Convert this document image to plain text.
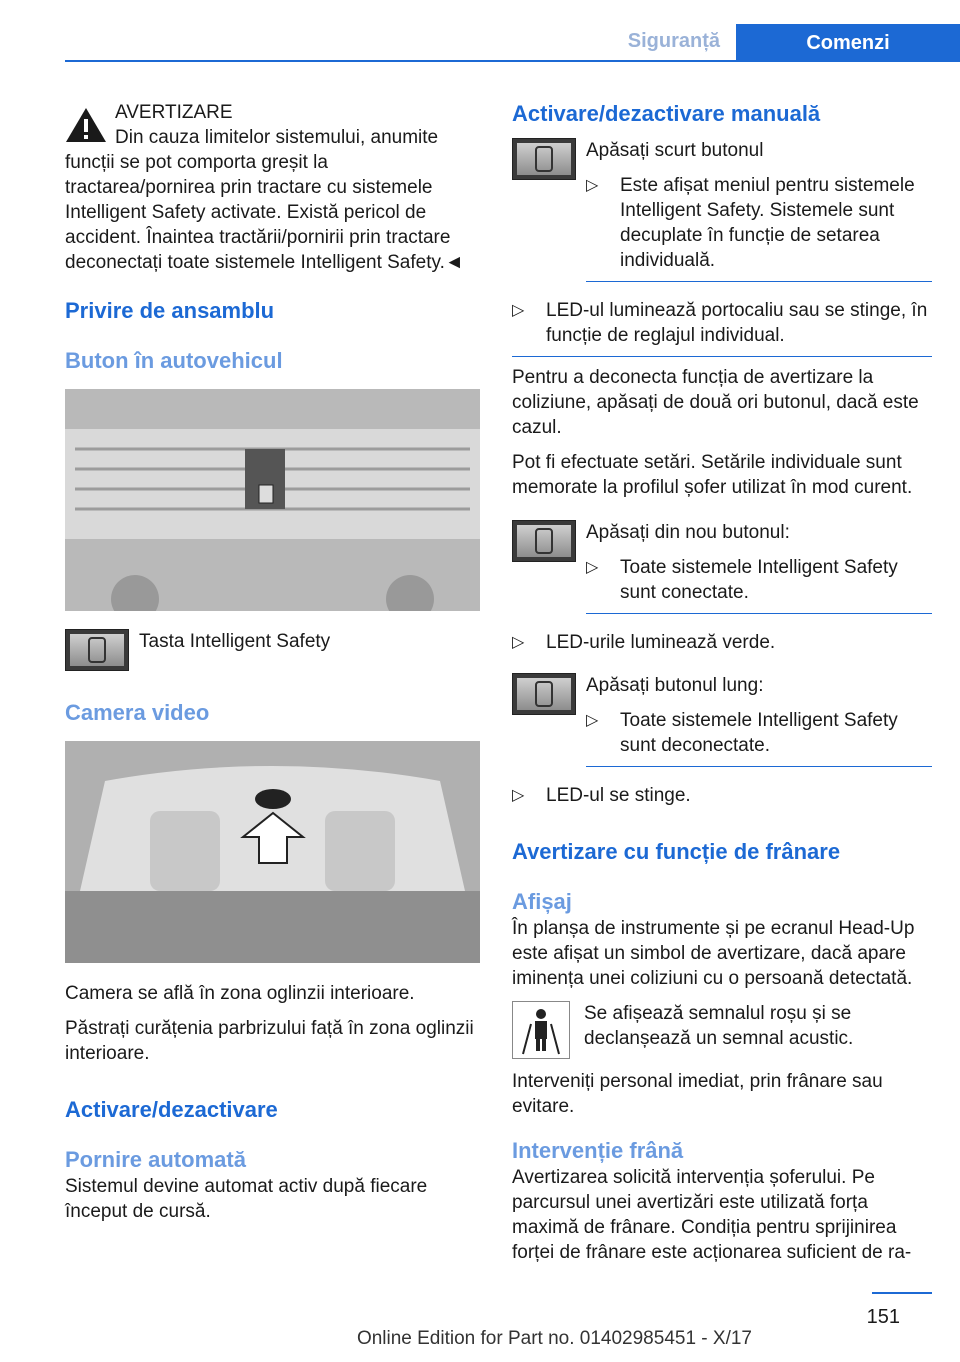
Siguranță	Comenzi

AVERTIZARE

Din cauza limitelor sistemului, anumite funcții se pot comporta greșit la tractarea/pornirea prin tractare cu sistemele Intelligent Safety activate. Există pericol de accident. Înaintea tractării/pornirii prin tractare deconectați toate sistemele Intelligent Safety.◄

Privire de ansamblu
Buton în autovehicul
Tasta Intelligent Safety
Camera video

Camera se află în zona oglinzii interioare.

Păstrați curățenia parbrizului față în zona oglinzii interioare.

Activare/dezactivare
Pornire automată

Sistemul devine automat activ după fiecare început de cursă.

Activare/dezactivare manuală

Apăsați scurt butonul

▷ Este afișat meniul pentru sistemele Intelligent Safety. Sistemele sunt decuplate în funcție de setarea individuală.
▷ LED-ul luminează portocaliu sau se stinge, în funcție de reglajul individual.

Pentru a deconecta funcția de avertizare la coliziune, apăsați de două ori butonul, dacă este cazul.

Pot fi efectuate setări. Setările individuale sunt memorate la profilul șofer utilizat în mod curent.

Apăsați din nou butonul:

▷ Toate sistemele Intelligent Safety sunt conectate.
▷ LED-urile luminează verde.

Apăsați butonul lung:

▷ Toate sistemele Intelligent Safety sunt deconectate.
▷ LED-ul se stinge.
Avertizare cu funcție de frânare
Afișaj

În planșa de instrumente și pe ecranul Head-Up este afișat un simbol de avertizare, dacă apare iminența unei coliziuni cu o persoană detectată.

Se afișează semnalul roșu și se declanșează un semnal acustic.

Interveniți personal imediat, prin frânare sau evitare.

Intervenție frână

Avertizarea solicită intervenția șoferului. Pe parcursul unei avertizări este utilizată forța maximă de frânare. Condiția pentru sprijinirea forței de frânare este acționarea suficient de ra-

151
Online Edition for Part no. 01402985451 - X/17
